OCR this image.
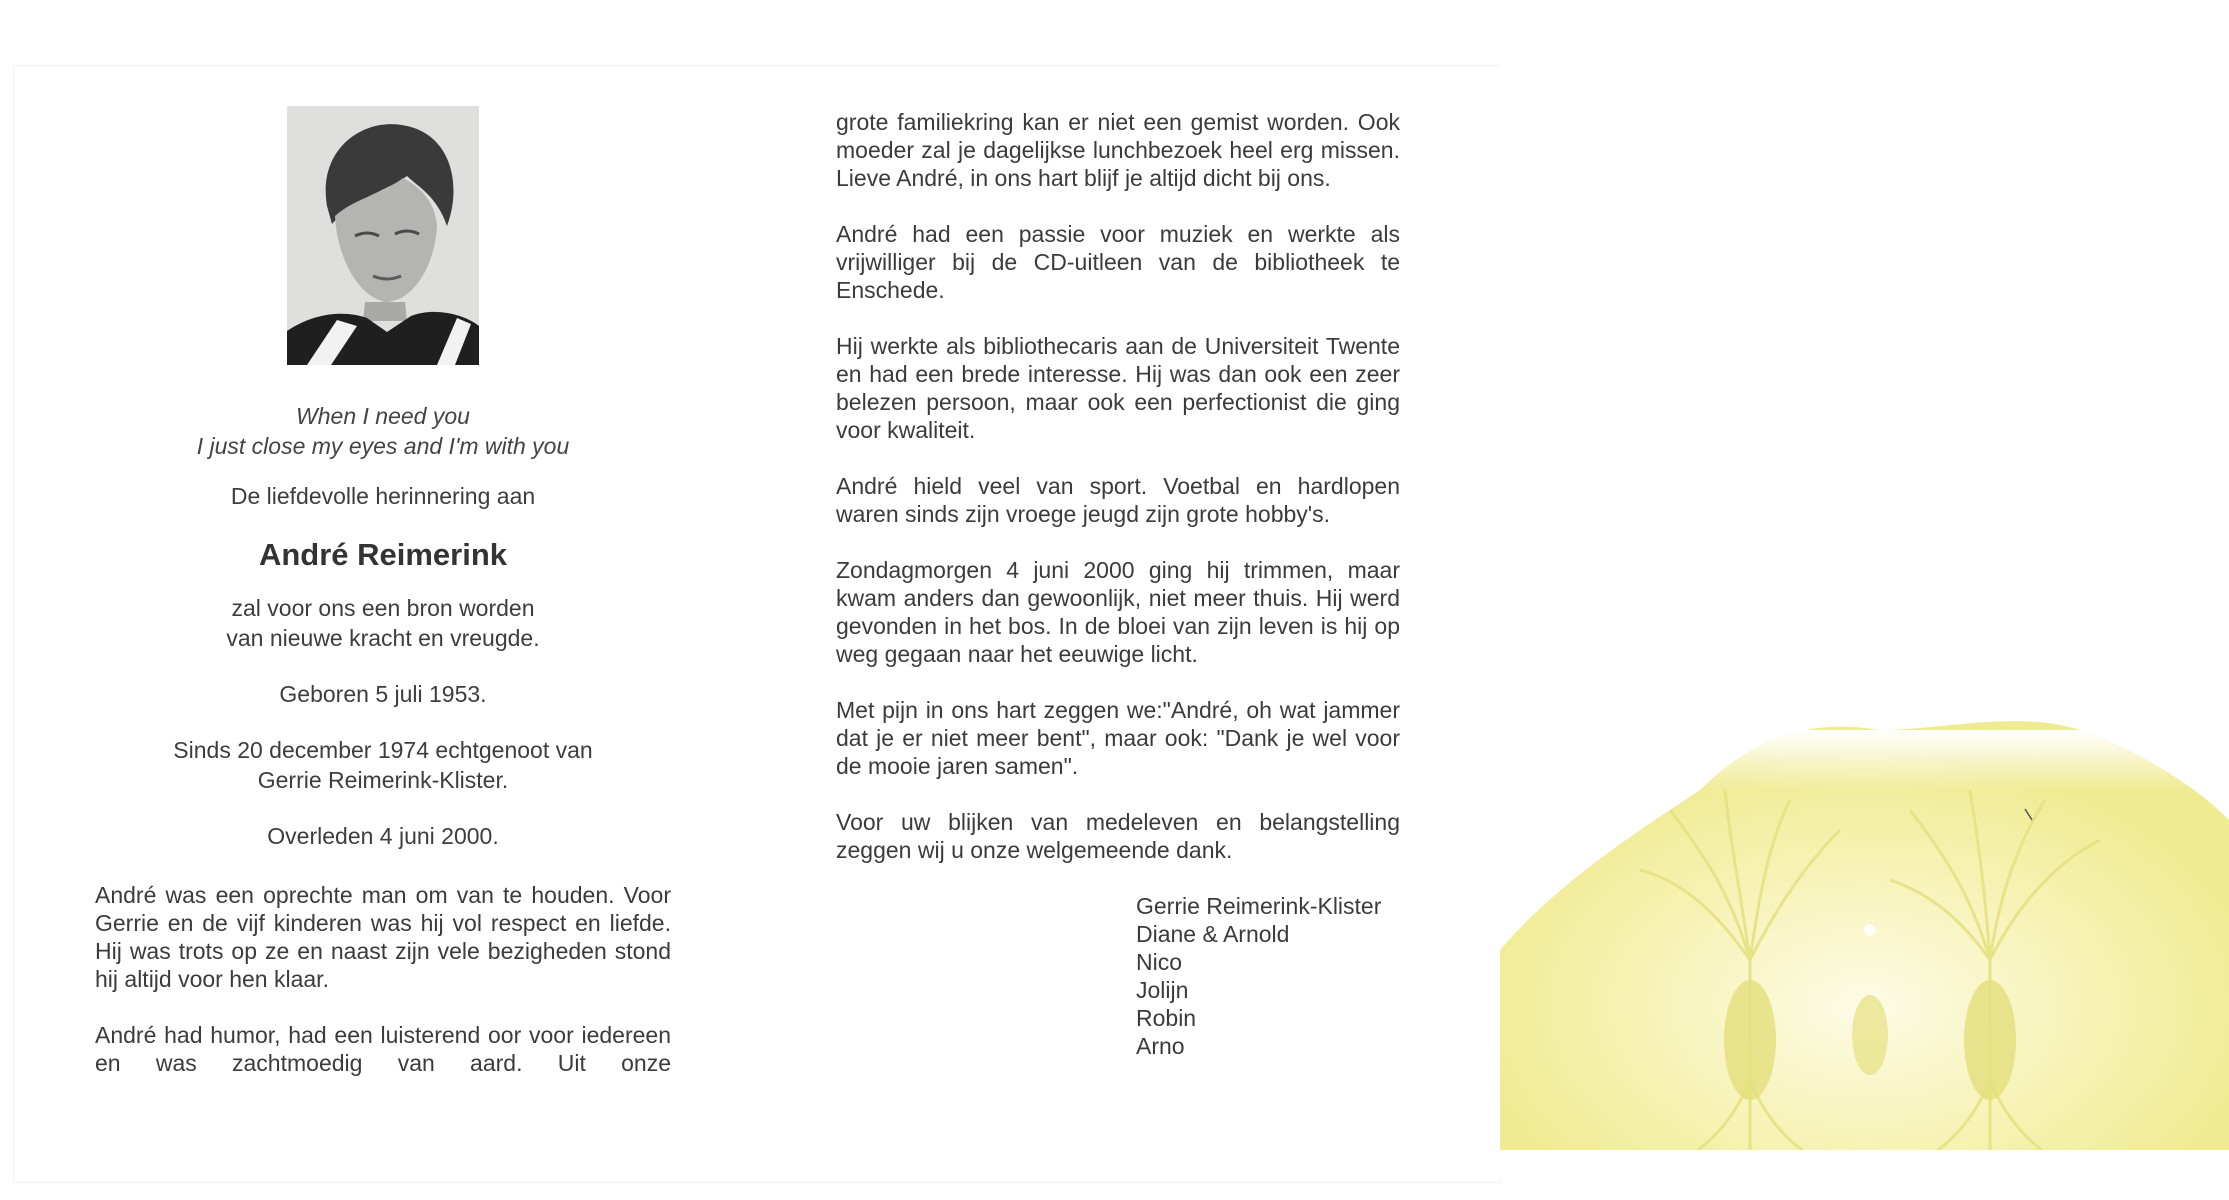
When I need you
I just close my eyes and I'm with you
De liefdevolle herinnering aan
André Reimerink
zal voor ons een bron worden
van nieuwe kracht en vreugde.
Geboren 5 juli 1953.
Sinds 20 december 1974 echtgenoot van
Gerrie Reimerink-Klister.
Overleden 4 juni 2000.

André was een oprechte man om van te houden. Voor Gerrie en de vijf kinderen was hij vol respect en liefde. Hij was trots op ze en naast zijn vele bezigheden stond hij altijd voor hen klaar.

André had humor, had een luisterend oor voor iedereen en was zachtmoedig van aard. Uit onze

grote familiekring kan er niet een gemist worden. Ook moeder zal je dagelijkse lunchbezoek heel erg missen. Lieve André, in ons hart blijf je altijd dicht bij ons.

André had een passie voor muziek en werkte als vrijwilliger bij de CD-uitleen van de bibliotheek te Enschede.

Hij werkte als bibliothecaris aan de Universiteit Twente en had een brede interesse. Hij was dan ook een zeer belezen persoon, maar ook een perfectionist die ging voor kwaliteit.

André hield veel van sport. Voetbal en hardlopen waren sinds zijn vroege jeugd zijn grote hobby's.

Zondagmorgen 4 juni 2000 ging hij trimmen, maar kwam anders dan gewoonlijk, niet meer thuis. Hij werd gevonden in het bos. In de bloei van zijn leven is hij op weg gegaan naar het eeuwige licht.

Met pijn in ons hart zeggen we:"André, oh wat jammer dat je er niet meer bent", maar ook: "Dank je wel voor de mooie jaren samen".

Voor uw blijken van medeleven en belangstelling zeggen wij u onze welgemeende dank.

Gerrie Reimerink-Klister
Diane & Arnold
Nico
Jolijn
Robin
Arno
